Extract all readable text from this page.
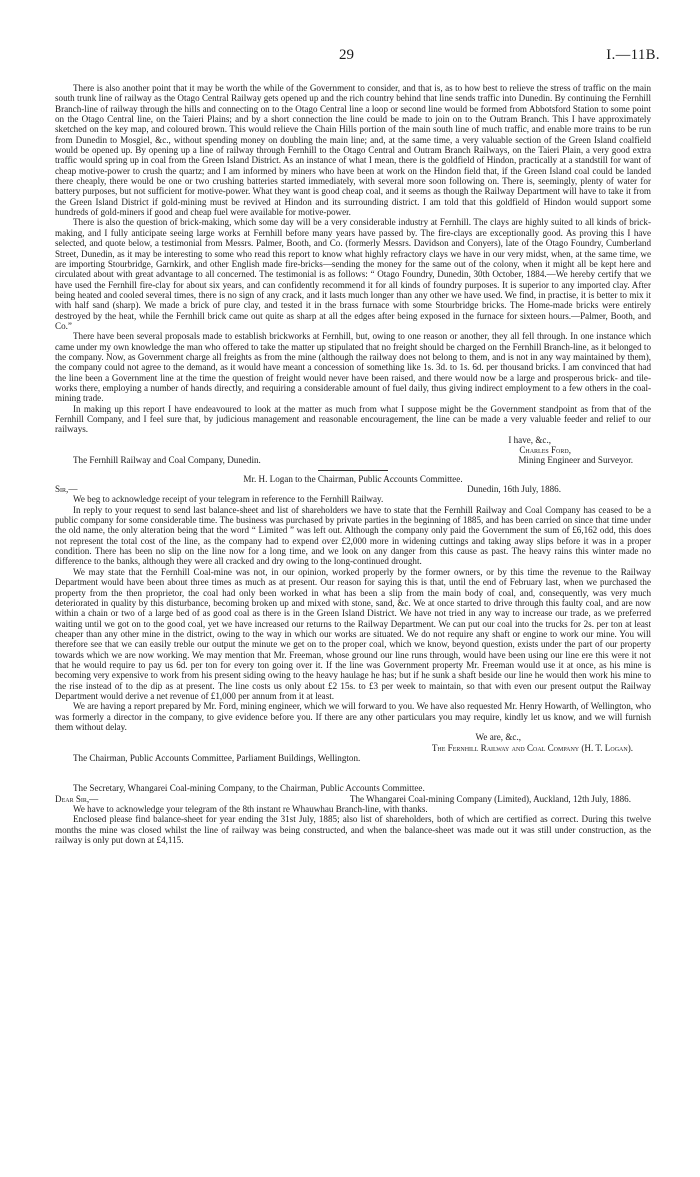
29	I.—11B.

There is also another point that it may be worth the while of the Government to consider, and that is, as to how best to relieve the stress of traffic on the main south trunk line of railway as the Otago Central Railway gets opened up and the rich country behind that line sends traffic into Dunedin. By continuing the Fernhill Branch-line of railway through the hills and connecting on to the Otago Central line a loop or second line would be formed from Abbotsford Station to some point on the Otago Central line, on the Taieri Plains; and by a short connection the line could be made to join on to the Outram Branch. This I have approximately sketched on the key map, and coloured brown. This would relieve the Chain Hills portion of the main south line of much traffic, and enable more trains to be run from Dunedin to Mosgiel, &c., without spending money on doubling the main line; and, at the same time, a very valuable section of the Green Island coalfield would be opened up. By opening up a line of railway through Fernhill to the Otago Central and Outram Branch Railways, on the Taieri Plain, a very good extra traffic would spring up in coal from the Green Island District. As an instance of what I mean, there is the goldfield of Hindon, practically at a standstill for want of cheap motive-power to crush the quartz; and I am informed by miners who have been at work on the Hindon field that, if the Green Island coal could be landed there cheaply, there would be one or two crushing batteries started immediately, with several more soon following on. There is, seemingly, plenty of water for battery purposes, but not sufficient for motive-power. What they want is good cheap coal, and it seems as though the Railway Department will have to take it from the Green Island District if gold-mining must be revived at Hindon and its surrounding district. I am told that this goldfield of Hindon would support some hundreds of gold-miners if good and cheap fuel were available for motive-power.

There is also the question of brick-making, which some day will be a very considerable industry at Fernhill. The clays are highly suited to all kinds of brick-making, and I fully anticipate seeing large works at Fernhill before many years have passed by. The fire-clays are exceptionally good. As proving this I have selected, and quote below, a testimonial from Messrs. Palmer, Booth, and Co. (formerly Messrs. Davidson and Conyers), late of the Otago Foundry, Cumberland Street, Dunedin, as it may be interesting to some who read this report to know what highly refractory clays we have in our very midst, when, at the same time, we are importing Stourbridge, Garnkirk, and other English made fire-bricks—sending the money for the same out of the colony, when it might all be kept here and circulated about with great advantage to all concerned. The testimonial is as follows: “ Otago Foundry, Dunedin, 30th October, 1884.—We hereby certify that we have used the Fernhill fire-clay for about six years, and can confidently recommend it for all kinds of foundry purposes. It is superior to any imported clay. After being heated and cooled several times, there is no sign of any crack, and it lasts much longer than any other we have used. We find, in practise, it is better to mix it with half sand (sharp). We made a brick of pure clay, and tested it in the brass furnace with some Stourbridge bricks. The Home-made bricks were entirely destroyed by the heat, while the Fernhill brick came out quite as sharp at all the edges after being exposed in the furnace for sixteen hours.—Palmer, Booth, and Co.”

There have been several proposals made to establish brickworks at Fernhill, but, owing to one reason or another, they all fell through. In one instance which came under my own knowledge the man who offered to take the matter up stipulated that no freight should be charged on the Fernhill Branch-line, as it belonged to the company. Now, as Government charge all freights as from the mine (although the railway does not belong to them, and is not in any way maintained by them), the company could not agree to the demand, as it would have meant a concession of something like 1s. 3d. to 1s. 6d. per thousand bricks. I am convinced that had the line been a Government line at the time the question of freight would never have been raised, and there would now be a large and prosperous brick- and tile-works there, employing a number of hands directly, and requiring a considerable amount of fuel daily, thus giving indirect employment to a few others in the coal-mining trade.

In making up this report I have endeavoured to look at the matter as much from what I suppose might be the Government standpoint as from that of the Fernhill Company, and I feel sure that, by judicious management and reasonable encouragement, the line can be made a very valuable feeder and relief to our railways.

I have, &c.,
Charles Ford,
The Fernhill Railway and Coal Company, Dunedin.	Mining Engineer and Surveyor.
Mr. H. Logan to the Chairman, Public Accounts Committee.
Sir,—	Dunedin, 16th July, 1886.

We beg to acknowledge receipt of your telegram in reference to the Fernhill Railway.

In reply to your request to send last balance-sheet and list of shareholders we have to state that the Fernhill Railway and Coal Company has ceased to be a public company for some considerable time. The business was purchased by private parties in the beginning of 1885, and has been carried on since that time under the old name, the only alteration being that the word “ Limited ” was left out. Although the company only paid the Government the sum of £6,162 odd, this does not represent the total cost of the line, as the company had to expend over £2,000 more in widening cuttings and taking away slips before it was in a proper condition. There has been no slip on the line now for a long time, and we look on any danger from this cause as past. The heavy rains this winter made no difference to the banks, although they were all cracked and dry owing to the long-continued drought.

We may state that the Fernhill Coal-mine was not, in our opinion, worked properly by the former owners, or by this time the revenue to the Railway Department would have been about three times as much as at present. Our reason for saying this is that, until the end of February last, when we purchased the property from the then proprietor, the coal had only been worked in what has been a slip from the main body of coal, and, consequently, was very much deteriorated in quality by this disturbance, becoming broken up and mixed with stone, sand, &c. We at once started to drive through this faulty coal, and are now within a chain or two of a large bed of as good coal as there is in the Green Island District. We have not tried in any way to increase our trade, as we preferred waiting until we got on to the good coal, yet we have increased our returns to the Railway Department. We can put our coal into the trucks for 2s. per ton at least cheaper than any other mine in the district, owing to the way in which our works are situated. We do not require any shaft or engine to work our mine. You will therefore see that we can easily treble our output the minute we get on to the proper coal, which we know, beyond question, exists under the part of our property towards which we are now working. We may mention that Mr. Freeman, whose ground our line runs through, would have been using our line ere this were it not that he would require to pay us 6d. per ton for every ton going over it. If the line was Government property Mr. Freeman would use it at once, as his mine is becoming very expensive to work from his present siding owing to the heavy haulage he has; but if he sunk a shaft beside our line he would then work his mine to the rise instead of to the dip as at present. The line costs us only about £2 15s. to £3 per week to maintain, so that with even our present output the Railway Department would derive a net revenue of £1,000 per annum from it at least.

We are having a report prepared by Mr. Ford, mining engineer, which we will forward to you. We have also requested Mr. Henry Howarth, of Wellington, who was formerly a director in the company, to give evidence before you. If there are any other particulars you may require, kindly let us know, and we will furnish them without delay.

We are, &c.,
The Fernhill Railway and Coal Company (H. T. Logan).
The Chairman, Public Accounts Committee, Parliament Buildings, Wellington.
The Secretary, Whangarei Coal-mining Company, to the Chairman, Public Accounts Committee.
Dear Sir,—	The Whangarei Coal-mining Company (Limited), Auckland, 12th July, 1886.

We have to acknowledge your telegram of the 8th instant re Whauwhau Branch-line, with thanks.

Enclosed please find balance-sheet for year ending the 31st July, 1885; also list of shareholders, both of which are certified as correct. During this twelve months the mine was closed whilst the line of railway was being constructed, and when the balance-sheet was made out it was still under construction, as the railway is only put down at £4,115.
